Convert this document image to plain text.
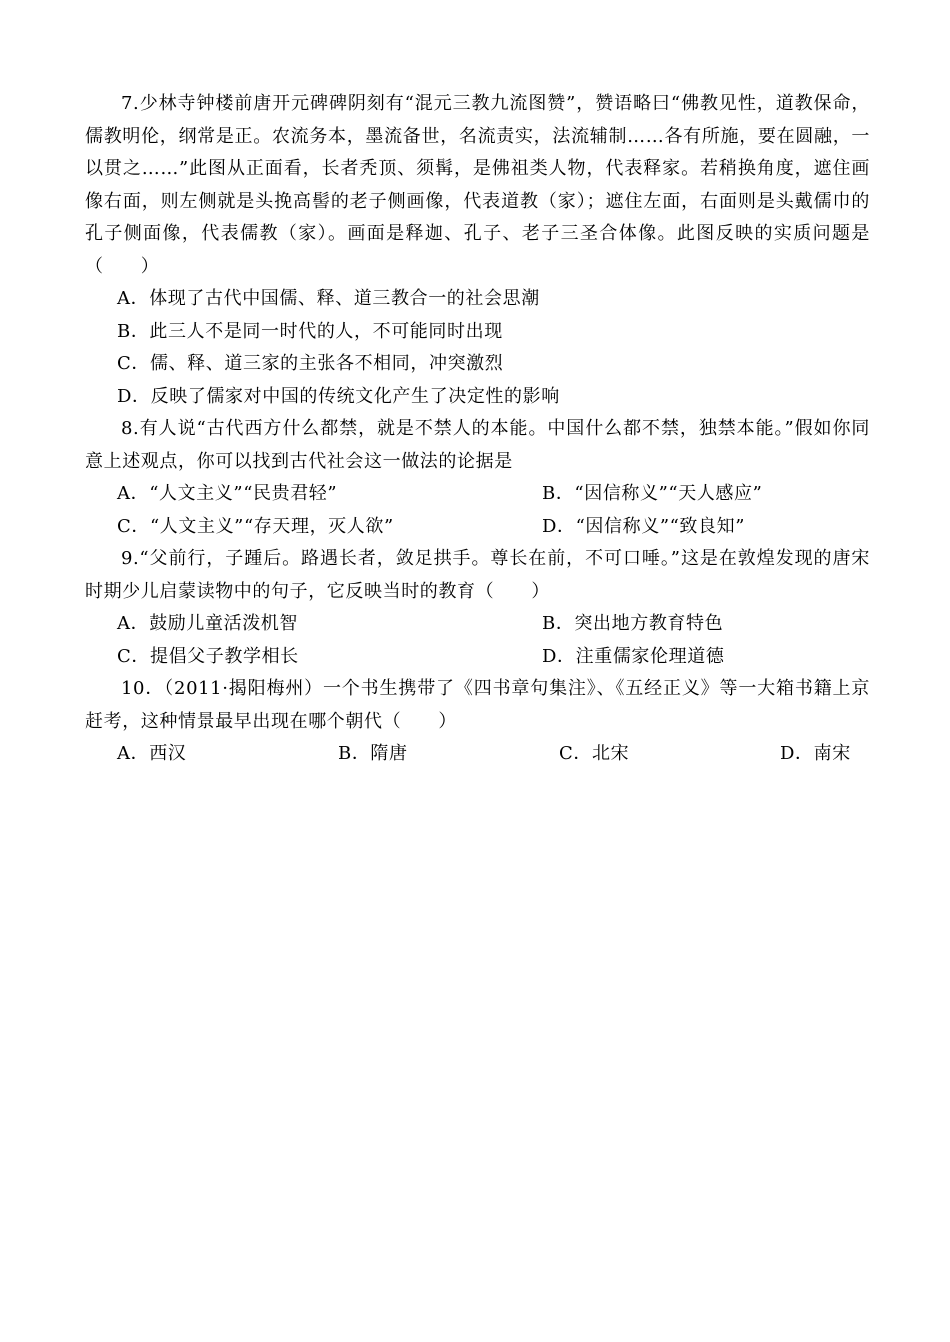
7.少林寺钟楼前唐开元碑碑阴刻有“混元三教九流图赞”，赞语略曰“佛教见性，道教保命，儒教明伦，纲常是正。农流务本，墨流备世，名流责实，法流辅制……各有所施，要在圆融，一以贯之……”此图从正面看，长者秃顶、须髯，是佛祖类人物，代表释家。若稍换角度，遮住画像右面，则左侧就是头挽高髻的老子侧画像，代表道教（家）；遮住左面，右面则是头戴儒巾的孔子侧面像，代表儒教（家）。画面是释迦、孔子、老子三圣合体像。此图反映的实质问题是（　　）

A．体现了古代中国儒、释、道三教合一的社会思潮

B．此三人不是同一时代的人，不可能同时出现

C．儒、释、道三家的主张各不相同，冲突激烈

D．反映了儒家对中国的传统文化产生了决定性的影响

8.有人说“古代西方什么都禁，就是不禁人的本能。中国什么都不禁，独禁本能。”假如你同意上述观点，你可以找到古代社会这一做法的论据是

A．“人文主义”“民贵君轻”	B．“因信称义”“天人感应”
C．“人文主义”“存天理，灭人欲”	D．“因信称义”“致良知”

9.“父前行，子踵后。路遇长者，敛足拱手。尊长在前，不可口唾。”这是在敦煌发现的唐宋时期少儿启蒙读物中的句子，它反映当时的教育（　　）

A．鼓励儿童活泼机智	B．突出地方教育特色
C．提倡父子教学相长	D．注重儒家伦理道德

10．（2011·揭阳梅州）一个书生携带了《四书章句集注》、《五经正义》等一大箱书籍上京赶考，这种情景最早出现在哪个朝代（　　）

A．西汉	B．隋唐	C．北宋	D．南宋
